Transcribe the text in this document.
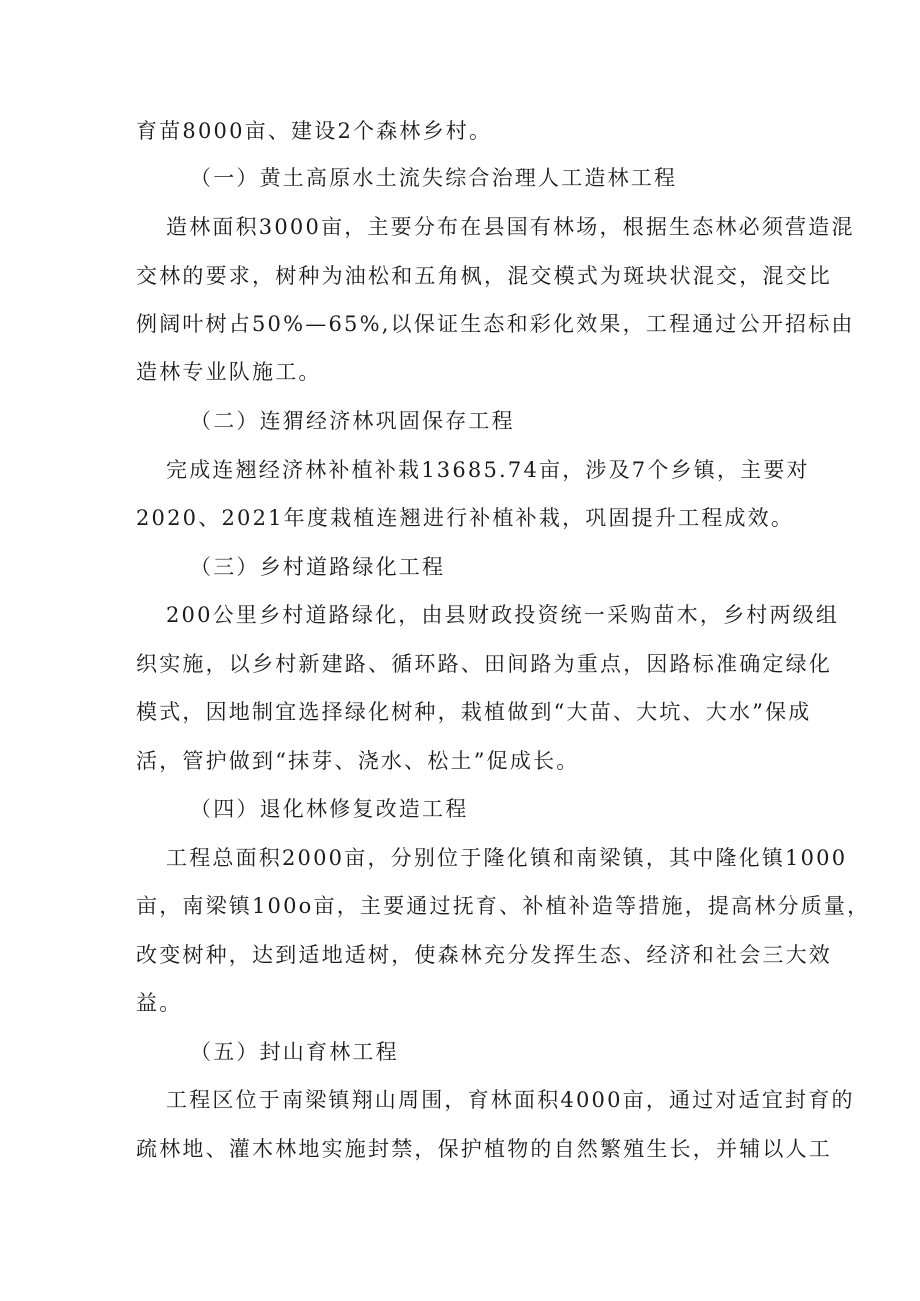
育苗8000亩、建设2个森林乡村。
（一）黄土高原水土流失综合治理人工造林工程
造林面积3000亩，主要分布在县国有林场，根据生态林必须营造混
交林的要求，树种为油松和五角枫，混交模式为斑块状混交，混交比
例阔叶树占50%—65%,以保证生态和彩化效果，工程通过公开招标由
造林专业队施工。
（二）连猬经济林巩固保存工程
完成连翘经济林补植补栽13685.74亩，涉及7个乡镇，主要对
2020、2021年度栽植连翘进行补植补栽，巩固提升工程成效。
（三）乡村道路绿化工程
200公里乡村道路绿化，由县财政投资统一采购苗木，乡村两级组
织实施，以乡村新建路、循环路、田间路为重点，因路标准确定绿化
模式，因地制宜选择绿化树种，栽植做到“大苗、大坑、大水”保成
活，管护做到“抹芽、浇水、松土”促成长。
（四）退化林修复改造工程
工程总面积2000亩，分别位于隆化镇和南梁镇，其中隆化镇1000
亩，南梁镇100o亩，主要通过抚育、补植补造等措施，提高林分质量，
改变树种，达到适地适树，使森林充分发挥生态、经济和社会三大效
益。
（五）封山育林工程
工程区位于南梁镇翔山周围，育林面积4000亩，通过对适宜封育的
疏林地、灌木林地实施封禁，保护植物的自然繁殖生长，并辅以人工
